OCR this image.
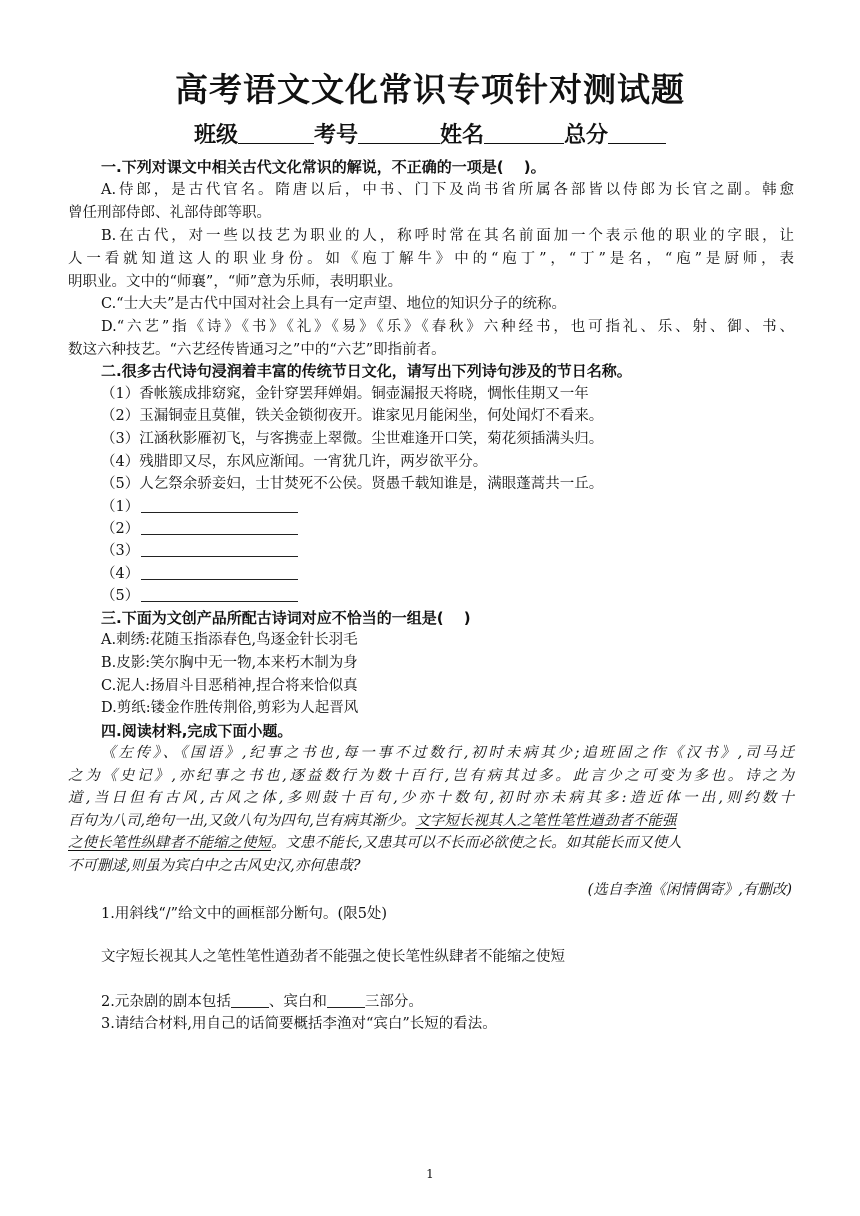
高考语文文化常识专项针对测试题
班级	考号	姓名	总分
一.下列对课文中相关古代文化常识的解说，不正确的一项是(　 )。
A.侍郎，是古代官名。隋唐以后，中书、门下及尚书省所属各部皆以侍郎为长官之副。韩愈
曾任刑部侍郎、礼部侍郎等职。
B.在古代，对一些以技艺为职业的人，称呼时常在其名前面加一个表示他的职业的字眼，让
人一看就知道这人的职业身份。如《庖丁解牛》中的“庖丁”，“丁”是名，“庖”是厨师，表
明职业。文中的“师襄”，“师”意为乐师，表明职业。
C.“士大夫”是古代中国对社会上具有一定声望、地位的知识分子的统称。
D.“六艺”指《诗》《书》《礼》《易》《乐》《春秋》六种经书，也可指礼、乐、射、御、书、
数这六种技艺。“六艺经传皆通习之”中的“六艺”即指前者。
二.很多古代诗句浸润着丰富的传统节日文化，请写出下列诗句涉及的节日名称。
（1）香帐簇成排窈窕，金针穿罢拜婵娟。铜壶漏报天将晓，惆怅佳期又一年
（2）玉漏铜壶且莫催，铁关金锁彻夜开。谁家见月能闲坐，何处闻灯不看来。
（3）江涵秋影雁初飞，与客携壶上翠微。尘世难逢开口笑，菊花须插满头归。
（4）残腊即又尽，东风应渐闻。一宵犹几许，两岁欲平分。
（5）人乞祭余骄妾妇，士甘焚死不公侯。贤愚千载知谁是，满眼蓬蒿共一丘。
（1）
（2）
（3）
（4）
（5）
三.下面为文创产品所配古诗词对应不恰当的一组是(　 )
A.刺绣:花随玉指添春色,鸟逐金针长羽毛
B.皮影:笑尔胸中无一物,本来朽木制为身
C.泥人:扬眉斗目恶稍神,捏合将来恰似真
D.剪纸:镂金作胜传荆俗,剪彩为人起晋风
四.阅读材料,完成下面小题。
《左传》、《国语》,纪事之书也,每一事不过数行,初时未病其少;追班固之作《汉书》,司马迁
之为《史记》,亦纪事之书也,逐益数行为数十百行,岂有病其过多。此言少之可变为多也。诗之为
道,当日但有古风,古风之体,多则鼓十百句,少亦十数句,初时亦未病其多:造近体一出,则约数十
百句为八司,绝句一出,又敛八句为四句,岂有病其渐少。文字短长视其人之笔性笔性遒劲者不能强
之使长笔性纵肆者不能缩之使短。文患不能长,又患其可以不长而必欲使之长。如其能长而又使人
不可删逑,则虽为宾白中之古风史汉,亦何患哉?
(选自李渔《闲情偶寄》,有删改)
1.用斜线“/”给文中的画框部分断句。(限5处)
文字短长视其人之笔性笔性遒劲者不能强之使长笔性纵肆者不能缩之使短
2.元杂剧的剧本包括	、宾白和	三部分。
3.请结合材料,用自己的话简要概括李渔对“宾白”长短的看法。
1
